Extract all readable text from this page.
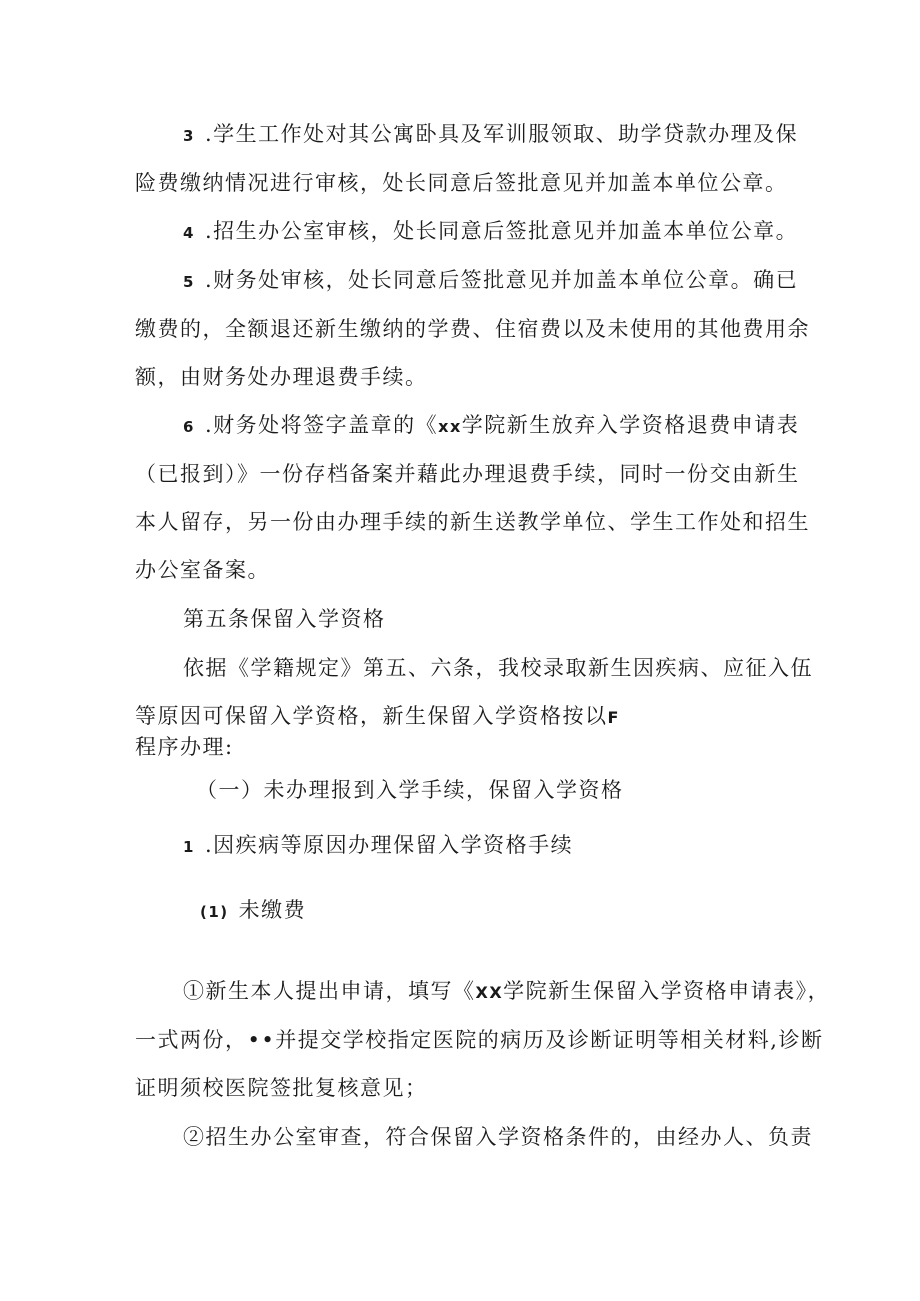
3 .学生工作处对其公寓卧具及军训服领取、助学贷款办理及保
险费缴纳情况进行审核，处长同意后签批意见并加盖本单位公章。
4 .招生办公室审核，处长同意后签批意见并加盖本单位公章。
5 .财务处审核，处长同意后签批意见并加盖本单位公章。确已
缴费的，全额退还新生缴纳的学费、住宿费以及未使用的其他费用余
额，由财务处办理退费手续。
6 .财务处将签字盖章的《xx学院新生放弃入学资格退费申请表
（已报到）》一份存档备案并藉此办理退费手续，同时一份交由新生
本人留存，另一份由办理手续的新生送教学单位、学生工作处和招生
办公室备案。
第五条保留入学资格
依据《学籍规定》第五、六条，我校录取新生因疾病、应征入伍
等原因可保留入学资格，新生保留入学资格按以F
程序办理:
（一）未办理报到入学手续，保留入学资格
1 .因疾病等原因办理保留入学资格手续
(1) 未缴费
①新生本人提出申请，填写《XX学院新生保留入学资格申请表》，
一式两份，••并提交学校指定医院的病历及诊断证明等相关材料,诊断
证明须校医院签批复核意见；
②招生办公室审查，符合保留入学资格条件的，由经办人、负责
